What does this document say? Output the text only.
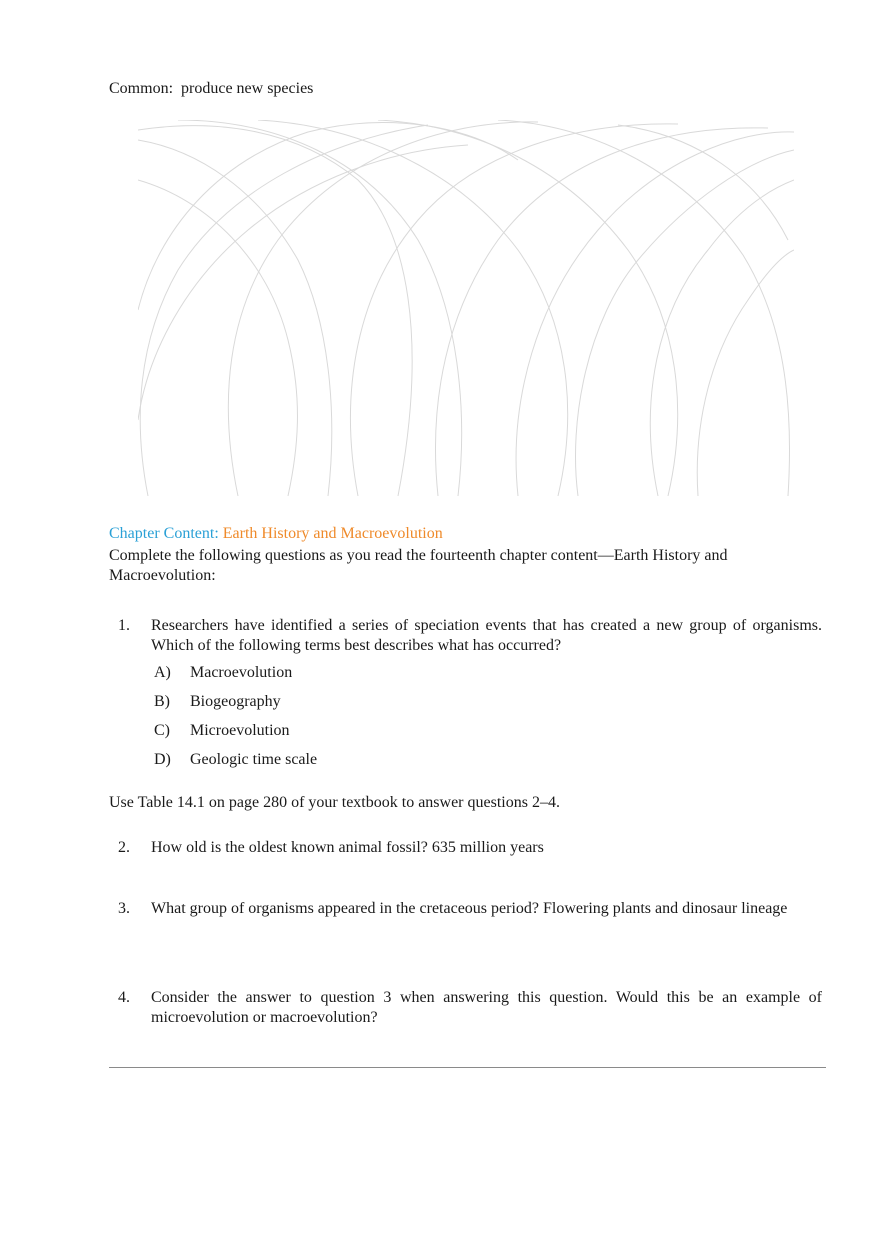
Common:  produce new species
Chapter Content: Earth History and Macroevolution
Complete the following questions as you read the fourteenth chapter content—Earth History and Macroevolution:
1. Researchers have identified a series of speciation events that has created a new group of organisms. Which of the following terms best describes what has occurred?
A) Macroevolution
B) Biogeography
C) Microevolution
D) Geologic time scale
Use Table 14.1 on page 280 of your textbook to answer questions 2–4.
2. How old is the oldest known animal fossil? 635 million years
3. What group of organisms appeared in the cretaceous period? Flowering plants and dinosaur lineage
4. Consider the answer to question 3 when answering this question. Would this be an example of microevolution or macroevolution?
